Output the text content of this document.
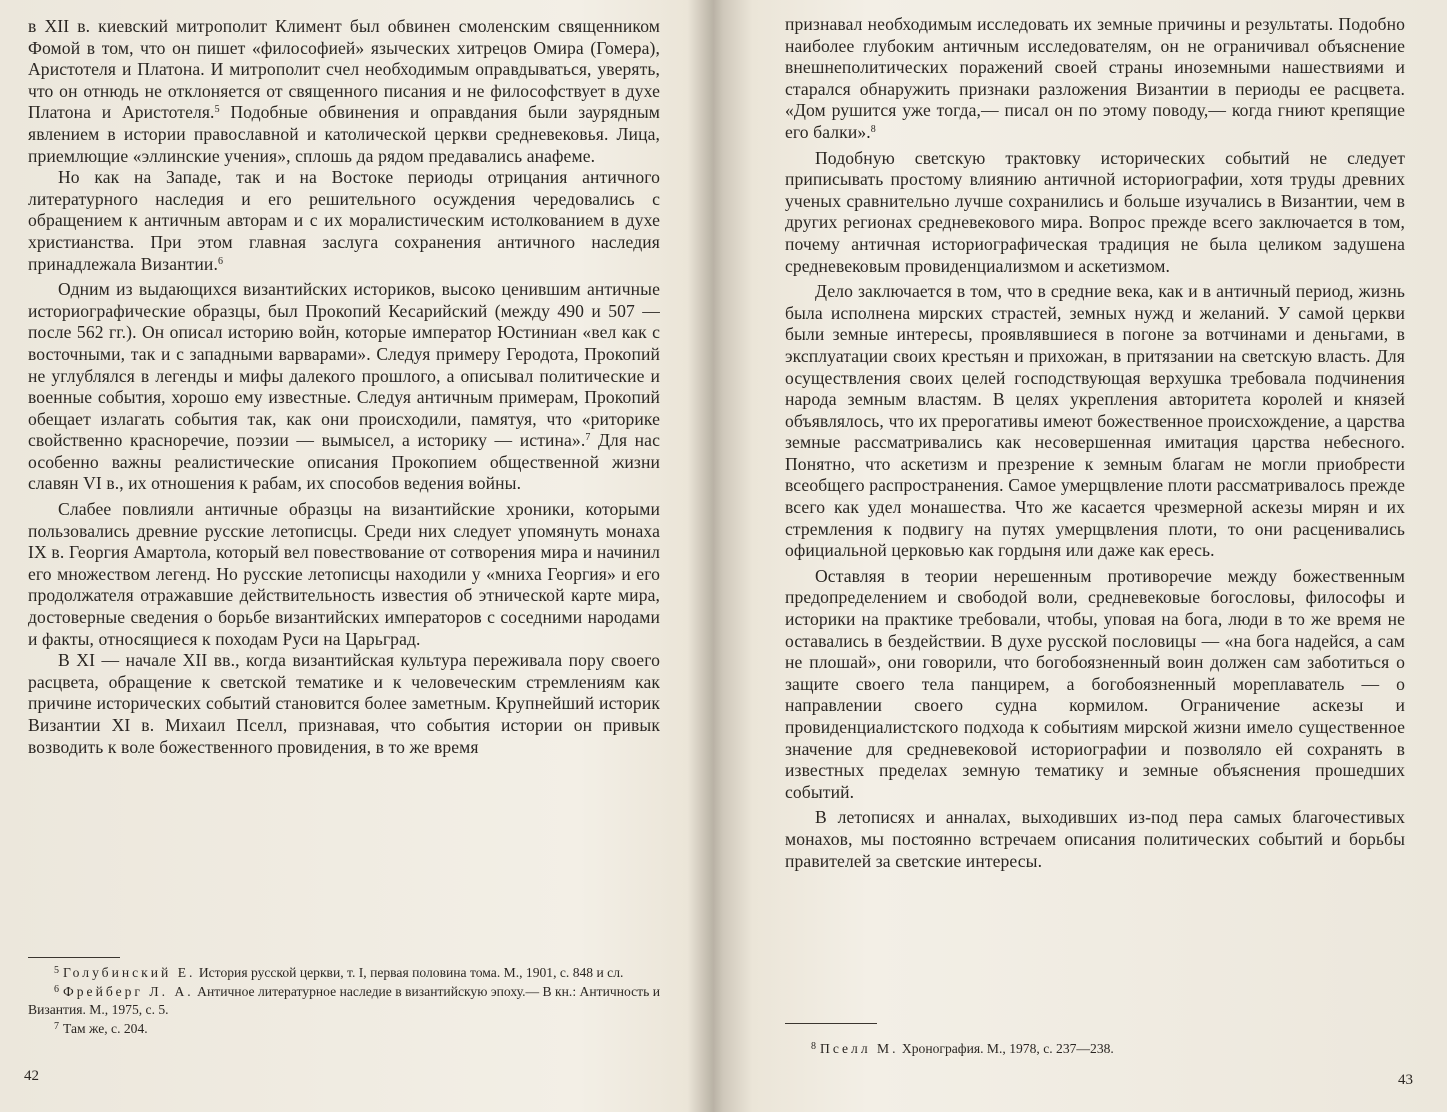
в XII в. киевский митрополит Климент был обвинен смоленским священником Фомой в том, что он пишет «философией» языческих хитрецов Омира (Гомера), Аристотеля и Платона. И митрополит счел необходимым оправдываться, уверять, что он отнюдь не отклоняется от священного писания и не философствует в духе Платона и Аристотеля.$^5$ Подобные обвинения и оправдания были заурядным явлением в истории православной и католической церкви средневековья. Лица, приемлющие «эллинские учения», сплошь да рядом предавались анафеме.

Но как на Западе, так и на Востоке периоды отрицания античного литературного наследия и его решительного осуждения чередовались с обращением к античным авторам и с их моралистическим истолкованием в духе христианства. При этом главная заслуга сохранения античного наследия принадлежала Византии.$^6$

Одним из выдающихся византийских историков, высоко ценившим античные историографические образцы, был Прокопий Кесарийский (между 490 и 507 — после 562 гг.). Он описал историю войн, которые император Юстиниан «вел как с восточными, так и с западными варварами». Следуя примеру Геродота, Прокопий не углублялся в легенды и мифы далекого прошлого, а описывал политические и военные события, хорошо ему известные. Следуя античным примерам, Прокопий обещает излагать события так, как они происходили, памятуя, что «риторике свойственно красноречие, поэзии — вымысел, а историку — истина».$^7$ Для нас особенно важны реалистические описания Прокопием общественной жизни славян VI в., их отношения к рабам, их способов ведения войны.

Слабее повлияли античные образцы на византийские хроники, которыми пользовались древние русские летописцы. Среди них следует упомянуть монаха IX в. Георгия Амартола, который вел повествование от сотворения мира и начинил его множеством легенд. Но русские летописцы находили у «мниха Георгия» и его продолжателя отражавшие действительность известия об этнической карте мира, достоверные сведения о борьбе византийских императоров с соседними народами и факты, относящиеся к походам Руси на Царьград.

В XI — начале XII вв., когда византийская культура переживала пору своего расцвета, обращение к светской тематике и к человеческим стремлениям как причине исторических событий становится более заметным. Крупнейший историк Византии XI в. Михаил Пселл, признавая, что события истории он привык возводить к воле божественного провидения, в то же время

$^5$ Голубинский Е. История русской церкви, т. I, первая половина тома. М., 1901, с. 848 и сл.

$^6$ Фрейберг Л. А. Античное литературное наследие в византийскую эпоху.— В кн.: Античность и Византия. М., 1975, с. 5.

$^7$ Там же, с. 204.

42

признавал необходимым исследовать их земные причины и результаты. Подобно наиболее глубоким античным исследователям, он не ограничивал объяснение внешнеполитических поражений своей страны иноземными нашествиями и старался обнаружить признаки разложения Византии в периоды ее расцвета. «Дом рушится уже тогда,— писал он по этому поводу,— когда гниют крепящие его балки».$^8$

Подобную светскую трактовку исторических событий не следует приписывать простому влиянию античной историографии, хотя труды древних ученых сравнительно лучше сохранились и больше изучались в Византии, чем в других регионах средневекового мира. Вопрос прежде всего заключается в том, почему античная историографическая традиция не была целиком задушена средневековым провиденциализмом и аскетизмом.

Дело заключается в том, что в средние века, как и в античный период, жизнь была исполнена мирских страстей, земных нужд и желаний. У самой церкви были земные интересы, проявлявшиеся в погоне за вотчинами и деньгами, в эксплуатации своих крестьян и прихожан, в притязании на светскую власть. Для осуществления своих целей господствующая верхушка требовала подчинения народа земным властям. В целях укрепления авторитета королей и князей объявлялось, что их прерогативы имеют божественное происхождение, а царства земные рассматривались как несовершенная имитация царства небесного. Понятно, что аскетизм и презрение к земным благам не могли приобрести всеобщего распространения. Самое умерщвление плоти рассматривалось прежде всего как удел монашества. Что же касается чрезмерной аскезы мирян и их стремления к подвигу на путях умерщвления плоти, то они расценивались официальной церковью как гордыня или даже как ересь.

Оставляя в теории нерешенным противоречие между божественным предопределением и свободой воли, средневековые богословы, философы и историки на практике требовали, чтобы, уповая на бога, люди в то же время не оставались в бездействии. В духе русской пословицы — «на бога надейся, а сам не плошай», они говорили, что богобоязненный воин должен сам заботиться о защите своего тела панцирем, а богобоязненный мореплаватель — о направлении своего судна кормилом. Ограничение аскезы и провиденциалистского подхода к событиям мирской жизни имело существенное значение для средневековой историографии и позволяло ей сохранять в известных пределах земную тематику и земные объяснения прошедших событий.

В летописях и анналах, выходивших из-под пера самых благочестивых монахов, мы постоянно встречаем описания политических событий и борьбы правителей за светские интересы.

$^8$ Пселл М. Хронография. М., 1978, с. 237—238.

43
